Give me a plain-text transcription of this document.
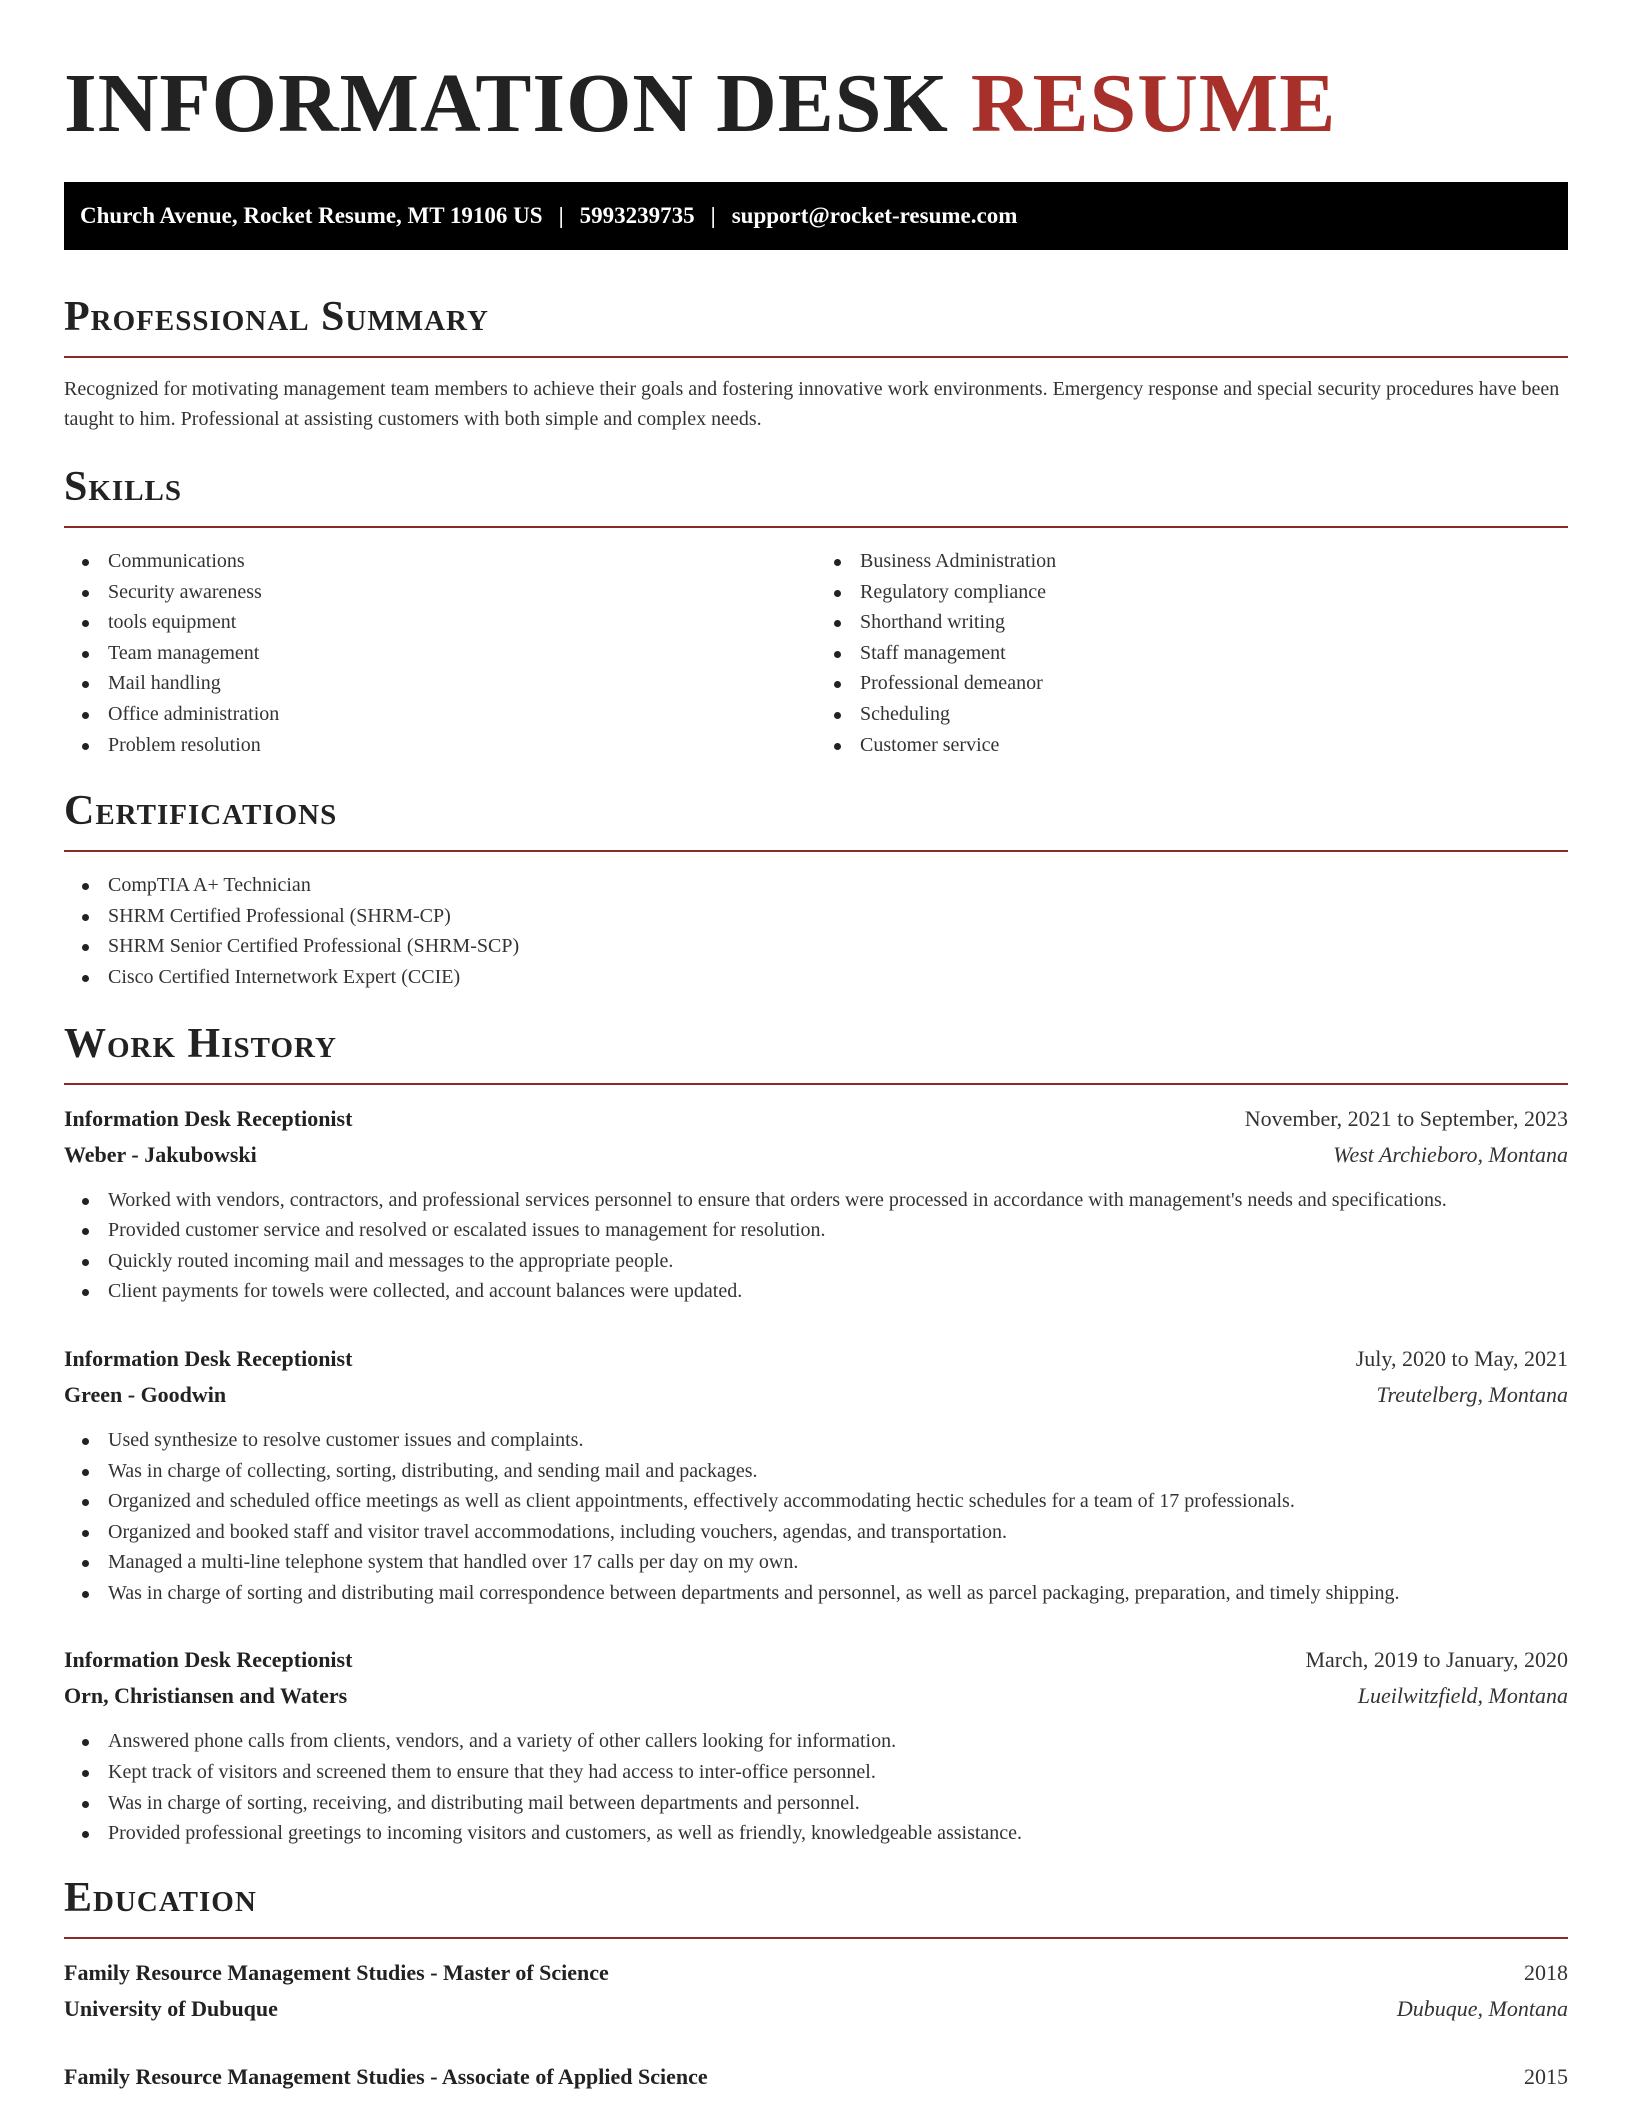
INFORMATION DESK RESUME
Church Avenue, Rocket Resume, MT 19106 US | 5993239735 | support@rocket-resume.com
Professional Summary

Recognized for motivating management team members to achieve their goals and fostering innovative work environments. Emergency response and special security procedures have been taught to him. Professional at assisting customers with both simple and complex needs.

Skills
Communications
Security awareness
tools equipment
Team management
Mail handling
Office administration
Problem resolution
Business Administration
Regulatory compliance
Shorthand writing
Staff management
Professional demeanor
Scheduling
Customer service
Certifications
CompTIA A+ Technician
SHRM Certified Professional (SHRM-CP)
SHRM Senior Certified Professional (SHRM-SCP)
Cisco Certified Internetwork Expert (CCIE)
Work History
Information Desk Receptionist	November, 2021 to September, 2023
Weber - Jakubowski	West Archieboro, Montana
Worked with vendors, contractors, and professional services personnel to ensure that orders were processed in accordance with management's needs and specifications.
Provided customer service and resolved or escalated issues to management for resolution.
Quickly routed incoming mail and messages to the appropriate people.
Client payments for towels were collected, and account balances were updated.
Information Desk Receptionist	July, 2020 to May, 2021
Green - Goodwin	Treutelberg, Montana
Used synthesize to resolve customer issues and complaints.
Was in charge of collecting, sorting, distributing, and sending mail and packages.
Organized and scheduled office meetings as well as client appointments, effectively accommodating hectic schedules for a team of 17 professionals.
Organized and booked staff and visitor travel accommodations, including vouchers, agendas, and transportation.
Managed a multi-line telephone system that handled over 17 calls per day on my own.
Was in charge of sorting and distributing mail correspondence between departments and personnel, as well as parcel packaging, preparation, and timely shipping.
Information Desk Receptionist	March, 2019 to January, 2020
Orn, Christiansen and Waters	Lueilwitzfield, Montana
Answered phone calls from clients, vendors, and a variety of other callers looking for information.
Kept track of visitors and screened them to ensure that they had access to inter-office personnel.
Was in charge of sorting, receiving, and distributing mail between departments and personnel.
Provided professional greetings to incoming visitors and customers, as well as friendly, knowledgeable assistance.
Education
Family Resource Management Studies - Master of Science	2018
University of Dubuque	Dubuque, Montana
Family Resource Management Studies - Associate of Applied Science	2015
